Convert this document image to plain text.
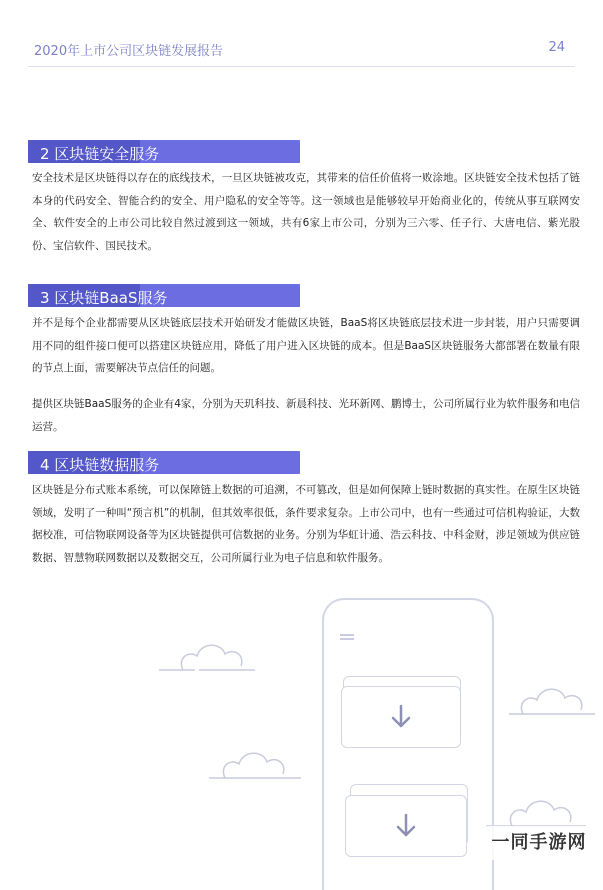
2020年上市公司区块链发展报告	24
2 区块链安全服务
安全技术是区块链得以存在的底线技术，一旦区块链被攻克，其带来的信任价值将一败涂地。区块链安全技术包括了链本身的代码安全、智能合约的安全、用户隐私的安全等等。这一领域也是能够较早开始商业化的，传统从事互联网安全、软件安全的上市公司比较自然过渡到这一领域，共有6家上市公司，分别为三六零、任子行、大唐电信、紫光股份、宝信软件、国民技术。
3 区块链BaaS服务
并不是每个企业都需要从区块链底层技术开始研发才能做区块链，BaaS将区块链底层技术进一步封装，用户只需要调用不同的组件接口便可以搭建区块链应用，降低了用户进入区块链的成本。但是BaaS区块链服务大都部署在数量有限的节点上面，需要解决节点信任的问题。
提供区块链BaaS服务的企业有4家，分别为天玑科技、新晨科技、光环新网、鹏博士，公司所属行业为软件服务和电信运营。
4 区块链数据服务
区块链是分布式账本系统，可以保障链上数据的可追溯，不可篡改，但是如何保障上链时数据的真实性。在原生区块链领域，发明了一种叫“预言机”的机制，但其效率很低，条件要求复杂。上市公司中，也有一些通过可信机构验证，大数据校准，可信物联网设备等为区块链提供可信数据的业务。分别为华虹计通、浩云科技、中科金财，涉足领域为供应链数据、智慧物联网数据以及数据交互，公司所属行业为电子信息和软件服务。
一同手游网
